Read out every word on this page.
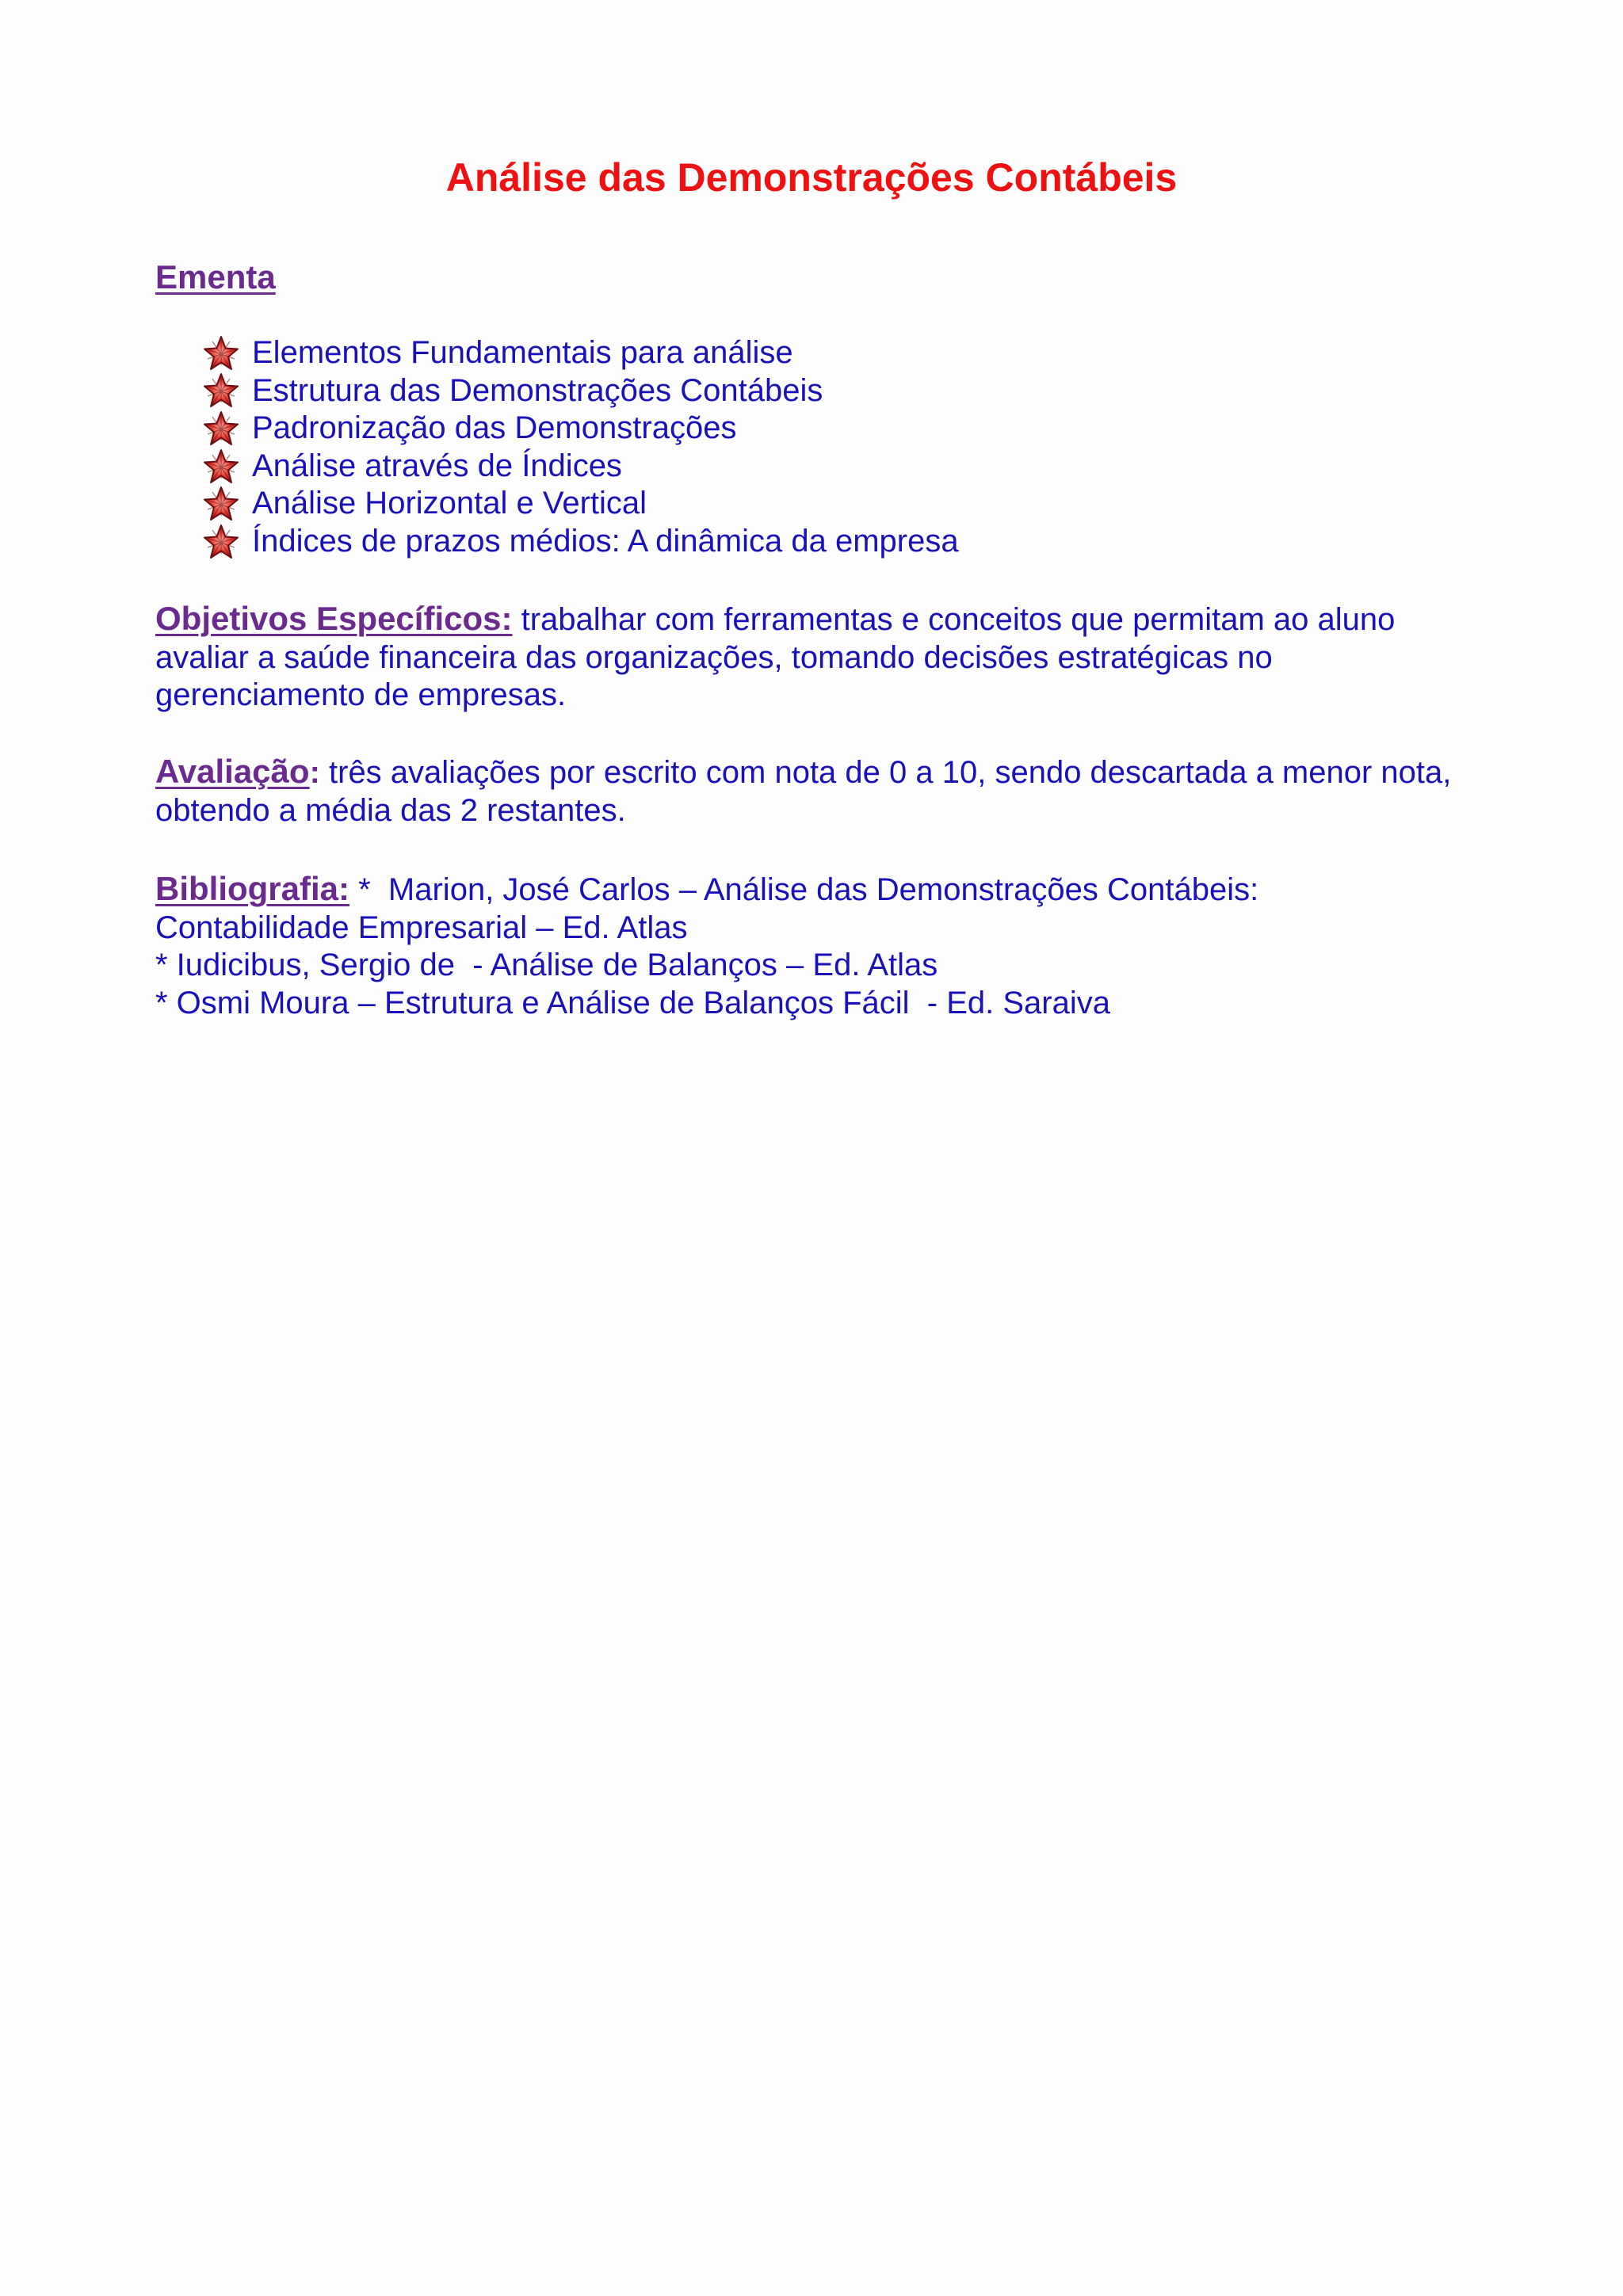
Análise das Demonstrações Contábeis

Ementa

Elementos Fundamentais para análise
Estrutura das Demonstrações Contábeis
Padronização das Demonstrações
Análise através de Índices
Análise Horizontal e Vertical
Índices de prazos médios: A dinâmica da empresa

Objetivos Específicos: trabalhar com ferramentas e conceitos que permitam ao aluno avaliar a saúde financeira das organizações, tomando decisões estratégicas no gerenciamento de empresas.

Avaliação: três avaliações por escrito com nota de 0 a 10, sendo descartada a menor nota, obtendo a média das 2 restantes.

Bibliografia: *  Marion, José Carlos – Análise das Demonstrações Contábeis:
Contabilidade Empresarial – Ed. Atlas
* Iudicibus, Sergio de  - Análise de Balanços – Ed. Atlas
* Osmi Moura – Estrutura e Análise de Balanços Fácil  - Ed. Saraiva
